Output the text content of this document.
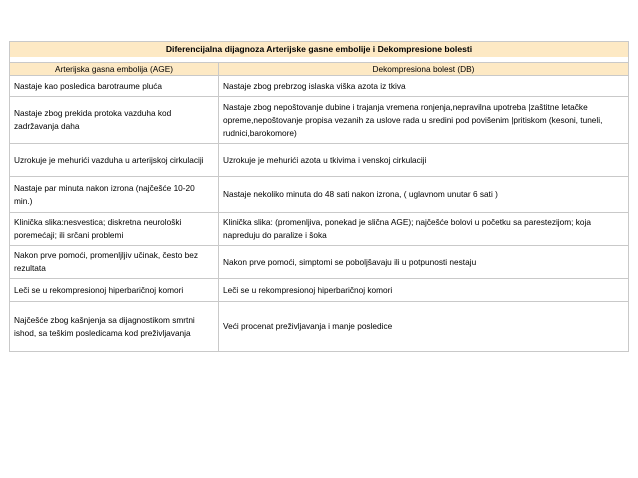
Diferencijalna dijagnoza Arterijske gasne embolije i Dekompresione bolesti
Arterijska gasna embolija (AGE)	Dekompresiona bolest (DB)
Nastaje kao posledica barotraume pluća	Nastaje zbog prebrzog islaska viška azota iz tkiva
Nastaje zbog prekida protoka vazduha kod zadržavanja daha	Nastaje zbog nepoštovanje dubine i trajanja vremena ronjenja,nepravilna upotreba |zaštitne letačke opreme,nepoštovanje propisa vezanih za uslove rada u sredini pod povišenim |pritiskom (kesoni, tuneli, rudnici,barokomore)
Uzrokuje je mehurići vazduha u arterijskoj cirkulaciji	Uzrokuje je mehurići azota u tkivima i venskoj cirkulaciji
Nastaje par minuta nakon izrona (najčešće 10-20 min.)	Nastaje nekoliko minuta do 48 sati nakon izrona, ( uglavnom unutar 6 sati )
Klinička slika:nesvestica; diskretna neurološki poremećaji; ili srčani problemi	Klinička slika: (promenljiva, ponekad je slična AGE); najčešće bolovi u početku sa parestezijom; koja napreduju do paralize i šoka
Nakon prve pomoći, promenljljiv učinak, često bez rezultata	Nakon prve pomoći, simptomi se poboljšavaju ili u potpunosti nestaju
Leči se u rekompresionoj hiperbaričnoj komori	Leči se u rekompresionoj hiperbaričnoj komori
Najčešće zbog kašnjenja sa dijagnostikom smrtni ishod, sa teškim posledicama kod preživljavanja	Veći procenat preživljavanja i manje posledice
